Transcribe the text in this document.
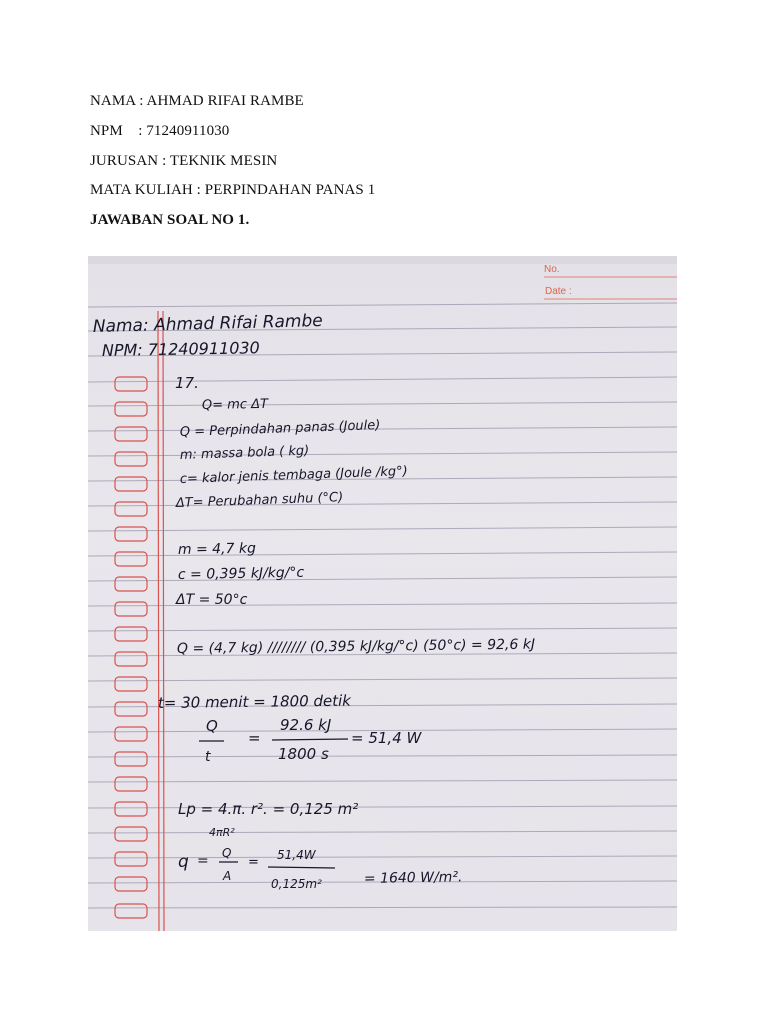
NAMA : AHMAD RIFAI RAMBE
NPM    : 71240911030
JURUSAN : TEKNIK MESIN
MATA KULIAH : PERPINDAHAN PANAS 1
JAWABAN SOAL NO 1.
No.
Date :
Nama: Ahmad Rifai Rambe
NPM: 71240911030
17.
Q= mc ΔT
Q = Perpindahan panas (Joule)
m: massa bola ( kg)
c= kalor jenis tembaga (Joule /kg°)
ΔT= Perubahan suhu (°C)
m = 4,7 kg
c = 0,395 kJ/kg/°c
ΔT = 50°c
Q = (4,7 kg) //////// (0,395 kJ/kg/°c) (50°c) = 92,6 kJ
t= 30 menit = 1800 detik
Q
t
=
92.6 kJ
1800 s
= 51,4 W
Lp = 4.π. r². = 0,125 m²
4πR²
q = Q
A
= 51,4W
0,125m²	= 1640 W/m².
